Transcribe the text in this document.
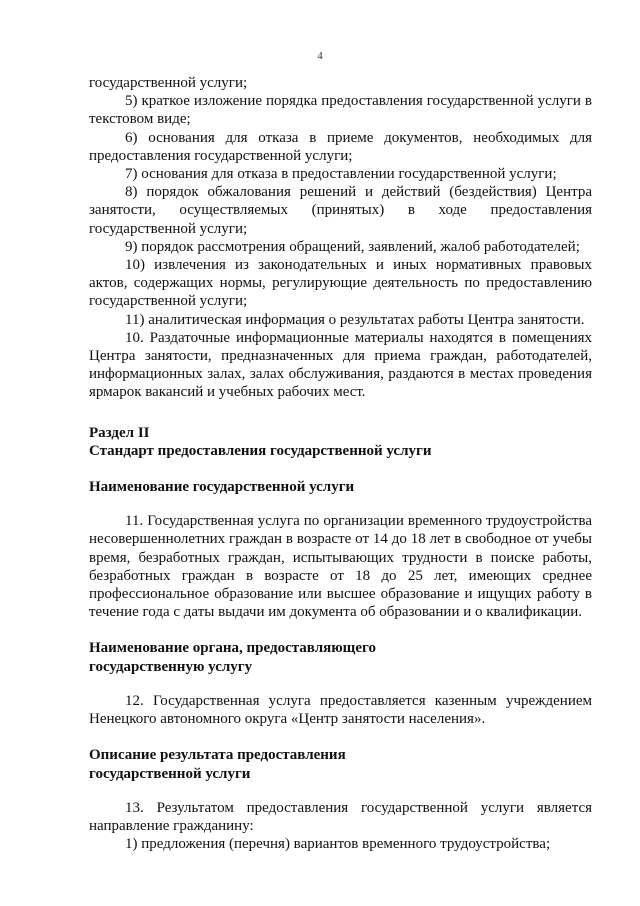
4

государственной услуги;

5) краткое изложение порядка предоставления государственной услуги в текстовом виде;

6) основания для отказа в приеме документов, необходимых для предоставления государственной услуги;

7) основания для отказа в предоставлении государственной услуги;

8) порядок обжалования решений и действий (бездействия) Центра занятости, осуществляемых (принятых) в ходе предоставления государственной услуги;

9) порядок рассмотрения обращений, заявлений, жалоб работодателей;

10) извлечения из законодательных и иных нормативных правовых актов, содержащих нормы, регулирующие деятельность по предоставлению государственной услуги;

11) аналитическая информация о результатах работы Центра занятости.

10. Раздаточные информационные материалы находятся в помещениях Центра занятости, предназначенных для приема граждан, работодателей, информационных залах, залах обслуживания, раздаются в местах проведения ярмарок вакансий и учебных рабочих мест.

Раздел II

Стандарт предоставления государственной услуги

Наименование государственной услуги

11. Государственная услуга по организации временного трудоустройства несовершеннолетних граждан в возрасте от 14 до 18 лет в свободное от учебы время, безработных граждан, испытывающих трудности в поиске работы, безработных граждан в возрасте от 18 до 25 лет, имеющих среднее профессиональное образование или высшее образование и ищущих работу в течение года с даты выдачи им документа об образовании и о квалификации.

Наименование органа, предоставляющего

государственную услугу

12. Государственная услуга предоставляется казенным учреждением Ненецкого автономного округа «Центр занятости населения».

Описание результата предоставления

государственной услуги

13. Результатом предоставления государственной услуги является направление гражданину:

1) предложения (перечня) вариантов временного трудоустройства;
